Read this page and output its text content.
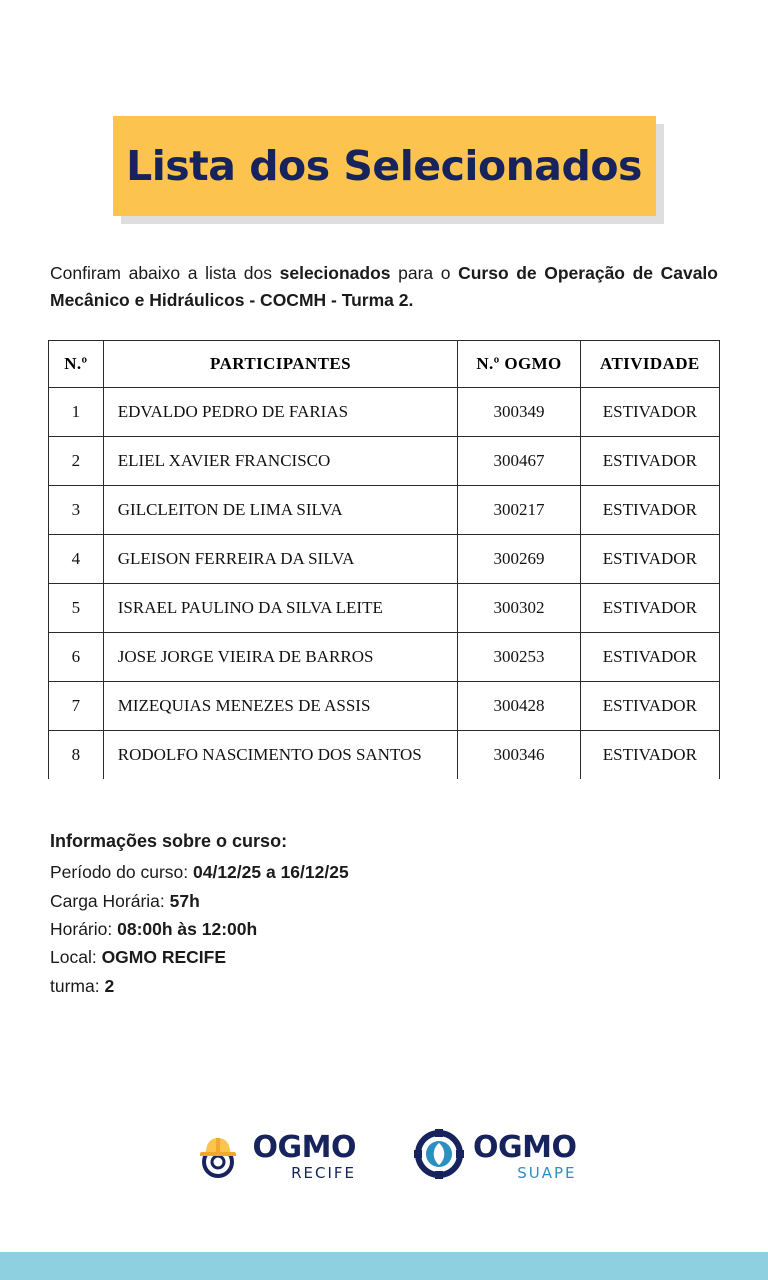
Lista dos Selecionados

Confiram abaixo a lista dos selecionados para o Curso de Operação de Cavalo Mecânico e Hidráulicos - COCMH - Turma 2.

N.º	PARTICIPANTES	N.º OGMO	ATIVIDADE
1	EDVALDO PEDRO DE FARIAS	300349	ESTIVADOR
2	ELIEL XAVIER FRANCISCO	300467	ESTIVADOR
3	GILCLEITON DE LIMA SILVA	300217	ESTIVADOR
4	GLEISON FERREIRA DA SILVA	300269	ESTIVADOR
5	ISRAEL PAULINO DA SILVA LEITE	300302	ESTIVADOR
6	JOSE JORGE VIEIRA DE BARROS	300253	ESTIVADOR
7	MIZEQUIAS MENEZES DE ASSIS	300428	ESTIVADOR
8	RODOLFO NASCIMENTO DOS SANTOS	300346	ESTIVADOR
Informações sobre o curso:
Período do curso: 04/12/25 a 16/12/25
Carga Horária: 57h
Horário: 08:00h às 12:00h
Local: OGMO RECIFE
turma: 2
OGMO
RECIFE
OGMO
SUAPE
